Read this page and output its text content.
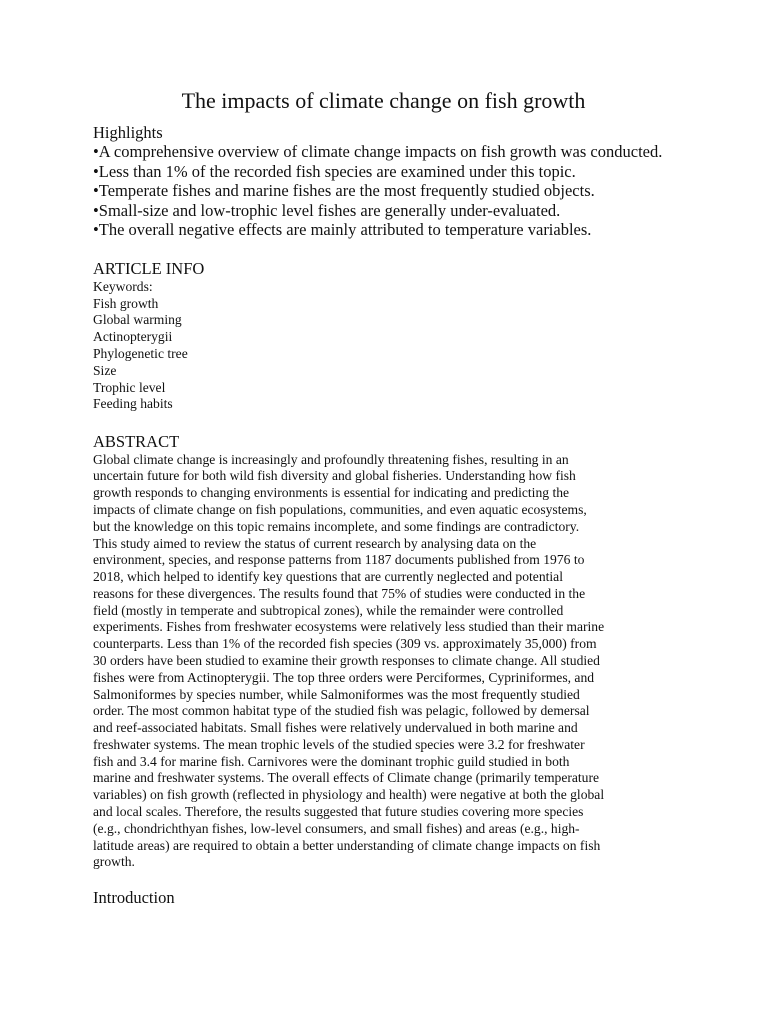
The impacts of climate change on fish growth
Highlights
• A comprehensive overview of climate change impacts on fish growth was conducted.
• Less than 1% of the recorded fish species are examined under this topic.
• Temperate fishes and marine fishes are the most frequently studied objects.
• Small-size and low-trophic level fishes are generally under-evaluated.
• The overall negative effects are mainly attributed to temperature variables.
ARTICLE INFO
Keywords:
Fish growth
Global warming
Actinopterygii
Phylogenetic tree
Size
Trophic level
Feeding habits
ABSTRACT

Global climate change is increasingly and profoundly threatening fishes, resulting in an
uncertain future for both wild fish diversity and global fisheries. Understanding how fish
growth responds to changing environments is essential for indicating and predicting the
impacts of climate change on fish populations, communities, and even aquatic ecosystems,
but the knowledge on this topic remains incomplete, and some findings are contradictory.
This study aimed to review the status of current research by analysing data on the
environment, species, and response patterns from 1187 documents published from 1976 to
2018, which helped to identify key questions that are currently neglected and potential
reasons for these divergences. The results found that 75% of studies were conducted in the
field (mostly in temperate and subtropical zones), while the remainder were controlled
experiments. Fishes from freshwater ecosystems were relatively less studied than their marine
counterparts. Less than 1% of the recorded fish species (309 vs. approximately 35,000) from
30 orders have been studied to examine their growth responses to climate change. All studied
fishes were from Actinopterygii. The top three orders were Perciformes, Cypriniformes, and
Salmoniformes by species number, while Salmoniformes was the most frequently studied
order. The most common habitat type of the studied fish was pelagic, followed by demersal
and reef-associated habitats. Small fishes were relatively undervalued in both marine and
freshwater systems. The mean trophic levels of the studied species were 3.2 for freshwater
fish and 3.4 for marine fish. Carnivores were the dominant trophic guild studied in both
marine and freshwater systems. The overall effects of Climate change (primarily temperature
variables) on fish growth (reflected in physiology and health) were negative at both the global
and local scales. Therefore, the results suggested that future studies covering more species
(e.g., chondrichthyan fishes, low-level consumers, and small fishes) and areas (e.g., high-
latitude areas) are required to obtain a better understanding of climate change impacts on fish
growth.

Introduction
